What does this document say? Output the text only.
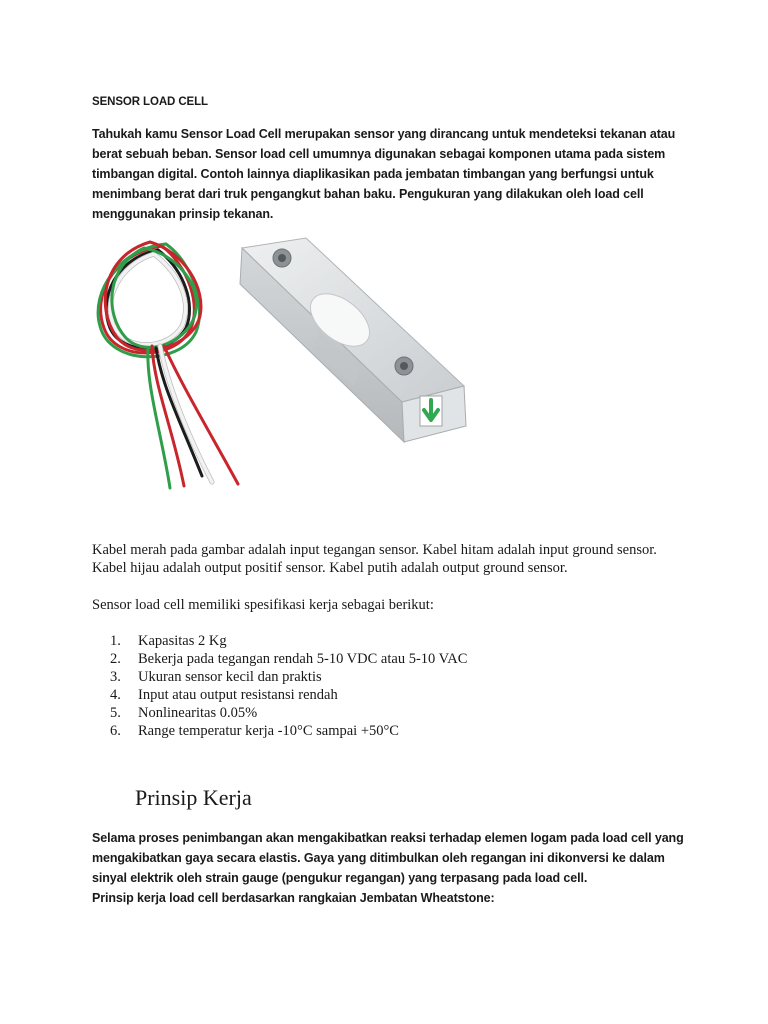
SENSOR LOAD CELL

Tahukah kamu Sensor Load Cell merupakan sensor yang dirancang untuk mendeteksi tekanan atau berat sebuah beban. Sensor load cell umumnya digunakan sebagai komponen utama pada sistem timbangan digital. Contoh lainnya diaplikasikan pada jembatan timbangan yang berfungsi untuk menimbang berat dari truk pengangkut bahan baku. Pengukuran yang dilakukan oleh load cell menggunakan prinsip tekanan.

Kabel merah pada gambar adalah input tegangan sensor. Kabel hitam adalah input ground sensor. Kabel hijau adalah output positif sensor. Kabel putih adalah output ground sensor.

Sensor load cell memiliki spesifikasi kerja sebagai berikut:

1.	Kapasitas 2 Kg
2.	Bekerja pada tegangan rendah 5-10 VDC atau 5-10 VAC
3.	Ukuran sensor kecil dan praktis
4.	Input atau output resistansi rendah
5.	Nonlinearitas 0.05%
6.	Range temperatur kerja -10°C sampai +50°C
Prinsip Kerja

Selama proses penimbangan akan mengakibatkan reaksi terhadap elemen logam pada load cell yang mengakibatkan gaya secara elastis. Gaya yang ditimbulkan oleh regangan ini dikonversi ke dalam sinyal elektrik oleh strain gauge (pengukur regangan) yang terpasang pada load cell.

Prinsip kerja load cell berdasarkan rangkaian Jembatan Wheatstone:
